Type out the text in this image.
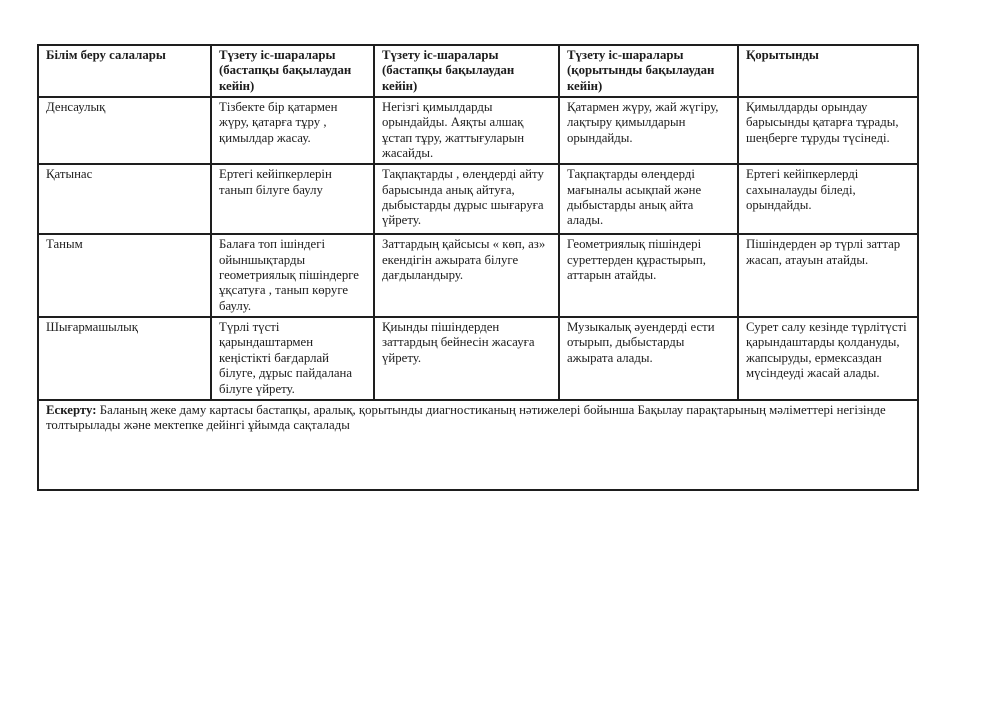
Білім беру салалары	Түзету іс-шаралары (бастапқы бақылаудан кейін)	Түзету іс-шаралары (бастапқы бақылаудан кейін)	Түзету іс-шаралары (қорытынды бақылаудан кейін)	Қорытынды
Денсаулық	Тізбекте бір қатармен жүру, қатарға тұру , қимылдар жасау.	Негізгі қимылдарды орындайды. Аяқты алшақ ұстап тұру, жаттығуларын жасайды.	Қатармен жүру, жай жүгіру, лақтыру қимылдарын орындайды.	Қимылдарды орындау барысынды қатарға тұрады, шеңберге тұруды түсінеді.
Қатынас	Ертегі кейіпкерлерін танып білуге баулу	Тақпақтарды , өлеңдерді айту барысында анық айтуға, дыбыстарды дұрыс шығаруға үйрету.	Тақпақтарды өлеңдерді мағыналы асықпай және дыбыстарды анық айта алады.	Ертегі кейіпкерлерді сахыналауды біледі, орындайды.
Таным	Балаға топ ішіндегі ойыншықтарды геометриялық пішіндерге ұқсатуға , танып көруге баулу.	Заттардың қайсысы « көп, аз» екендігін ажырата білуге дағдыландыру.	Геометриялық пішіндері суреттерден құрастырып, аттарын атайды.	Пішіндерден әр түрлі заттар жасап, атауын атайды.
Шығармашылық	Түрлі түсті қарындаштармен кеңістікті бағдарлай білуге, дұрыс пайдалана білуге үйрету.	Қиынды пішіндерден заттардың бейнесін жасауға үйрету.	Музыкалық әуендерді ести отырып, дыбыстарды ажырата алады.	Сурет салу кезінде түрлітүсті қарындаштарды қолдануды, жапсыруды, ермексаздан мүсіндеуді жасай алады.
Ескерту: Баланың жеке даму картасы бастапқы, аралық, қорытынды диагностиканың нәтижелері бойынша Бақылау парақтарының мәліметтері негізінде толтырылады және мектепке дейінгі ұйымда сақталады				
